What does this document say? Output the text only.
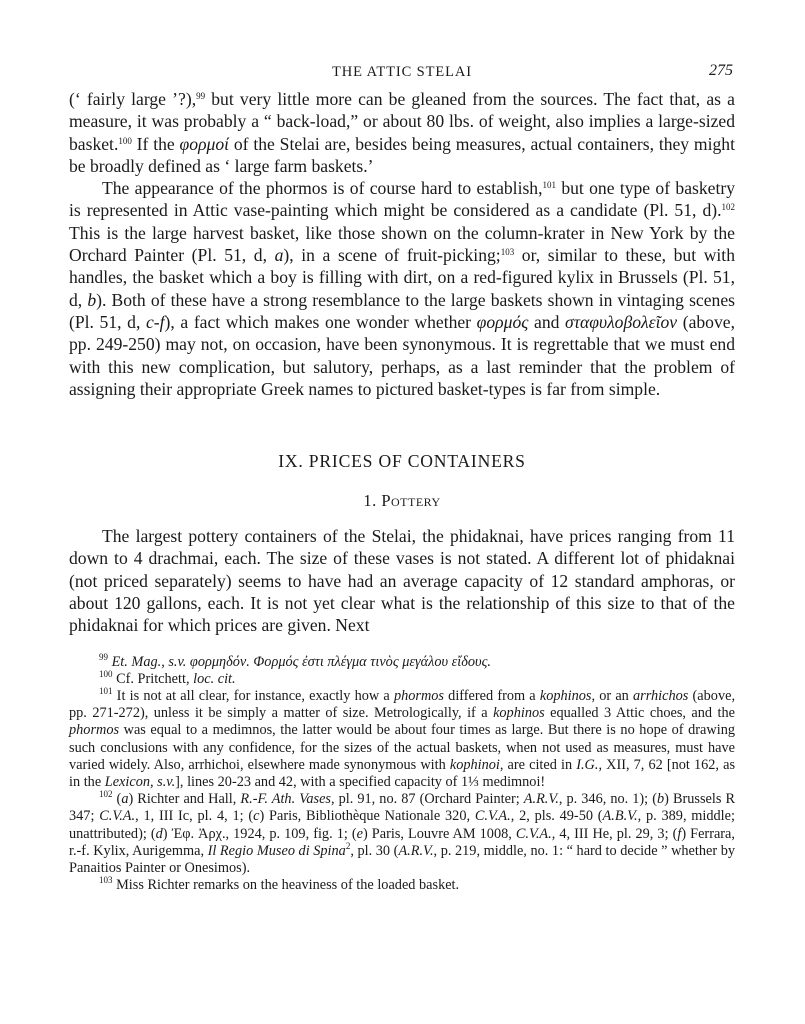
THE ATTIC STELAI	275

(‘ fairly large ’?),$^{99}$ but very little more can be gleaned from the sources. The fact that, as a measure, it was probably a “ back-load,” or about 80 lbs. of weight, also implies a large-sized basket.$^{100}$ If the φορμοί of the Stelai are, besides being measures, actual containers, they might be broadly defined as ‘ large farm baskets.’

The appearance of the phormos is of course hard to establish,$^{101}$ but one type of basketry is represented in Attic vase-painting which might be considered as a candidate (Pl. 51, d).$^{102}$ This is the large harvest basket, like those shown on the column-krater in New York by the Orchard Painter (Pl. 51, d, a), in a scene of fruit-picking;$^{103}$ or, similar to these, but with handles, the basket which a boy is filling with dirt, on a red-figured kylix in Brussels (Pl. 51, d, b). Both of these have a strong resemblance to the large baskets shown in vintaging scenes (Pl. 51, d, c-f), a fact which makes one wonder whether φορμός and σταφυλοβολεῖον (above, pp. 249-250) may not, on occasion, have been synonymous. It is regrettable that we must end with this new complication, but salutory, perhaps, as a last reminder that the problem of assigning their appropriate Greek names to pictured basket-types is far from simple.

IX. PRICES OF CONTAINERS
1. Pottery

The largest pottery containers of the Stelai, the phidaknai, have prices ranging from 11 down to 4 drachmai, each. The size of these vases is not stated. A different lot of phidaknai (not priced separately) seems to have had an average capacity of 12 standard amphoras, or about 120 gallons, each. It is not yet clear what is the relationship of this size to that of the phidaknai for which prices are given. Next

$^{99}$ Et. Mag., s.v. φορμηδόν. Φορμός ἐστι πλέγμα τινὸς μεγάλου εἴδους.

$^{100}$ Cf. Pritchett, loc. cit.

$^{101}$ It is not at all clear, for instance, exactly how a phormos differed from a kophinos, or an arrhichos (above, pp. 271-272), unless it be simply a matter of size. Metrologically, if a kophinos equalled 3 Attic choes, and the phormos was equal to a medimnos, the latter would be about four times as large. But there is no hope of drawing such conclusions with any confidence, for the sizes of the actual baskets, when not used as measures, must have varied widely. Also, arrhichoi, elsewhere made synonymous with kophinoi, are cited in I.G., XII, 7, 62 [not 162, as in the Lexicon, s.v.], lines 20-23 and 42, with a specified capacity of 1⅓ medimnoi!

$^{102}$ (a) Richter and Hall, R.-F. Ath. Vases, pl. 91, no. 87 (Orchard Painter; A.R.V., p. 346, no. 1); (b) Brussels R 347; C.V.A., 1, III Ic, pl. 4, 1; (c) Paris, Bibliothèque Nationale 320, C.V.A., 2, pls. 49-50 (A.B.V., p. 389, middle; unattributed); (d) Ἐφ. Ἀρχ., 1924, p. 109, fig. 1; (e) Paris, Louvre AM 1008, C.V.A., 4, III He, pl. 29, 3; (f) Ferrara, r.-f. Kylix, Aurigemma, Il Regio Museo di Spina$^2$, pl. 30 (A.R.V., p. 219, middle, no. 1: “ hard to decide ” whether by Panaitios Painter or Onesimos).

$^{103}$ Miss Richter remarks on the heaviness of the loaded basket.
